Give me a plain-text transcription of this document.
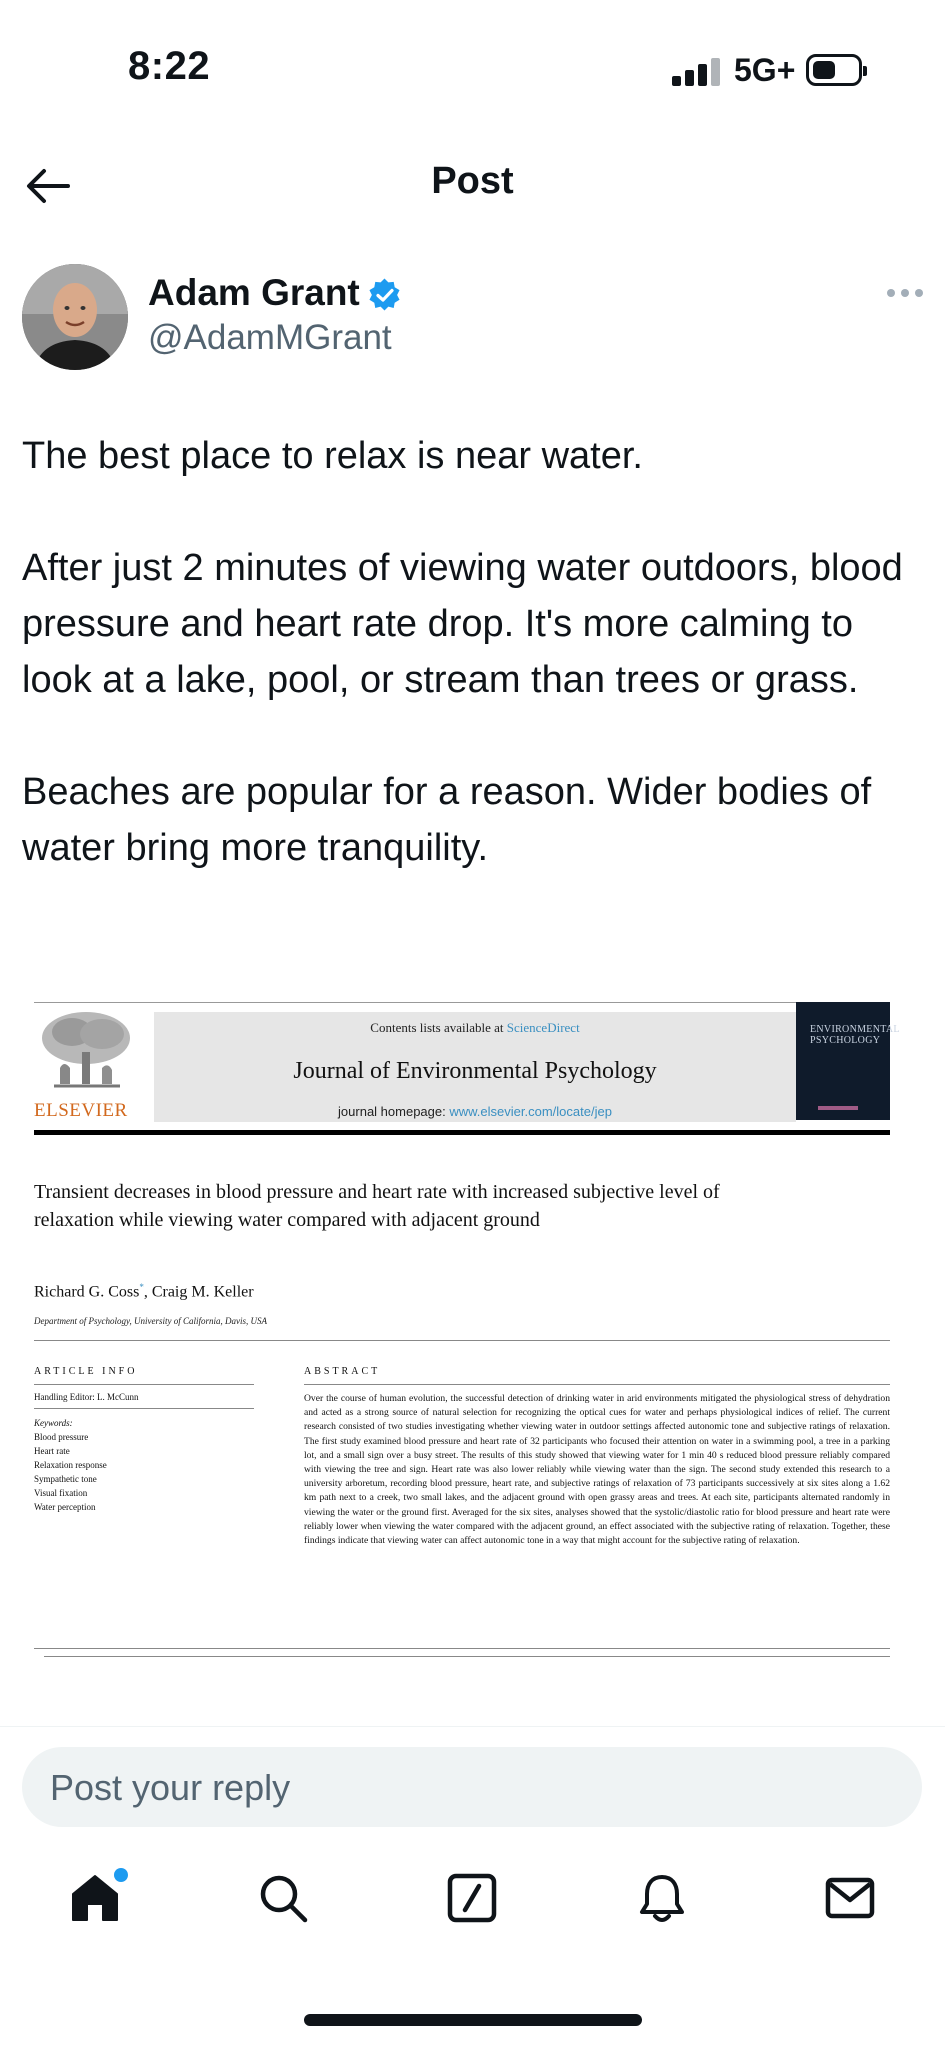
8:22	5G+
Post
Adam Grant
@AdamMGrant

The best place to relax is near water.

After just 2 minutes of viewing water outdoors, blood pressure and heart rate drop. It's more calming to look at a lake, pool, or stream than trees or grass.

Beaches are popular for a reason. Wider bodies of water bring more tranquility.

ELSEVIER
Contents lists available at ScienceDirect
Journal of Environmental Psychology
journal homepage: www.elsevier.com/locate/jep
ENVIRONMENTAL PSYCHOLOGY
Transient decreases in blood pressure and heart rate with increased subjective level of relaxation while viewing water compared with adjacent ground
Richard G. Coss*, Craig M. Keller
Department of Psychology, University of California, Davis, USA
ARTICLE INFO
Handling Editor: L. McCunn
Keywords:
Blood pressure
Heart rate
Relaxation response
Sympathetic tone
Visual fixation
Water perception
ABSTRACT
Over the course of human evolution, the successful detection of drinking water in arid environments mitigated the physiological stress of dehydration and acted as a strong source of natural selection for recognizing the optical cues for water and perhaps physiological indices of relief. The current research consisted of two studies investigating whether viewing water in outdoor settings affected autonomic tone and subjective ratings of relaxation. The first study examined blood pressure and heart rate of 32 participants who focused their attention on water in a swimming pool, a tree in a parking lot, and a small sign over a busy street. The results of this study showed that viewing water for 1 min 40 s reduced blood pressure reliably compared with viewing the tree and sign. Heart rate was also lower reliably while viewing water than the sign. The second study extended this research to a university arboretum, recording blood pressure, heart rate, and subjective ratings of relaxation of 73 participants successively at six sites along a 1.62 km path next to a creek, two small lakes, and the adjacent ground with open grassy areas and trees. At each site, participants alternated randomly in viewing the water or the ground first. Averaged for the six sites, analyses showed that the systolic/diastolic ratio for blood pressure and heart rate were reliably lower when viewing the water compared with the adjacent ground, an effect associated with the subjective rating of relaxation. Together, these findings indicate that viewing water can affect autonomic tone in a way that might account for the subjective rating of relaxation.
Post your reply
